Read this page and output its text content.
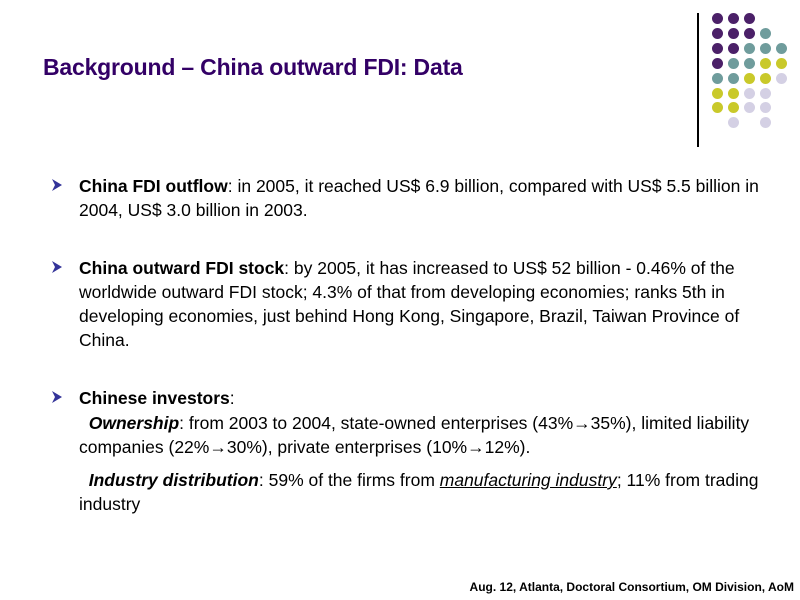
Background – China outward FDI: Data
China FDI outflow: in 2005, it reached US$ 6.9 billion, compared with US$ 5.5 billion in 2004, US$ 3.0 billion in 2003.
China outward FDI stock: by 2005, it has increased to US$ 52 billion - 0.46% of the worldwide outward FDI stock; 4.3% of that from developing economies; ranks 5th in developing economies, just behind Hong Kong, Singapore, Brazil, Taiwan Province of China.
Chinese investors:
Ownership: from 2003 to 2004, state-owned enterprises (43%→35%), limited liability companies (22%→30%), private enterprises (10%→12%).
Industry distribution: 59% of the firms from manufacturing industry; 11% from trading industry
Aug. 12, Atlanta, Doctoral Consortium, OM Division, AoM
